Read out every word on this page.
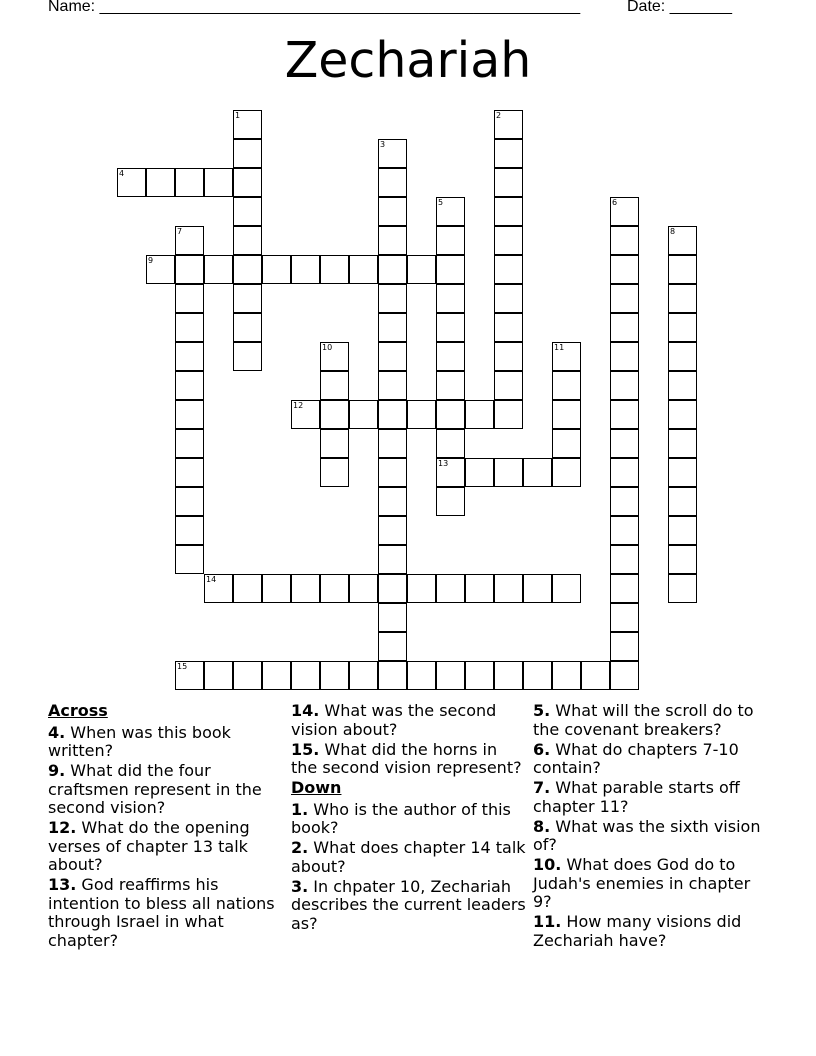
Name: ______________________________________________________	Date: _______
Zechariah
4
9
12
13
14
15
1	2
3
5	6
7	8
10	11
Across
4. When was this book written?
9. What did the four craftsmen represent in the second vision?
12. What do the opening verses of chapter 13 talk about?
13. God reaffirms his intention to bless all nations through Israel in what chapter?
14. What was the second vision about?
15. What did the horns in the second vision represent?
Down
1. Who is the author of this book?
2. What does chapter 14 talk about?
3. In chpater 10, Zechariah describes the current leaders as?
5. What will the scroll do to the covenant breakers?
6. What do chapters 7-10 contain?
7. What parable starts off chapter 11?
8. What was the sixth vision of?
10. What does God do to Judah's enemies in chapter 9?
11. How many visions did Zechariah have?
